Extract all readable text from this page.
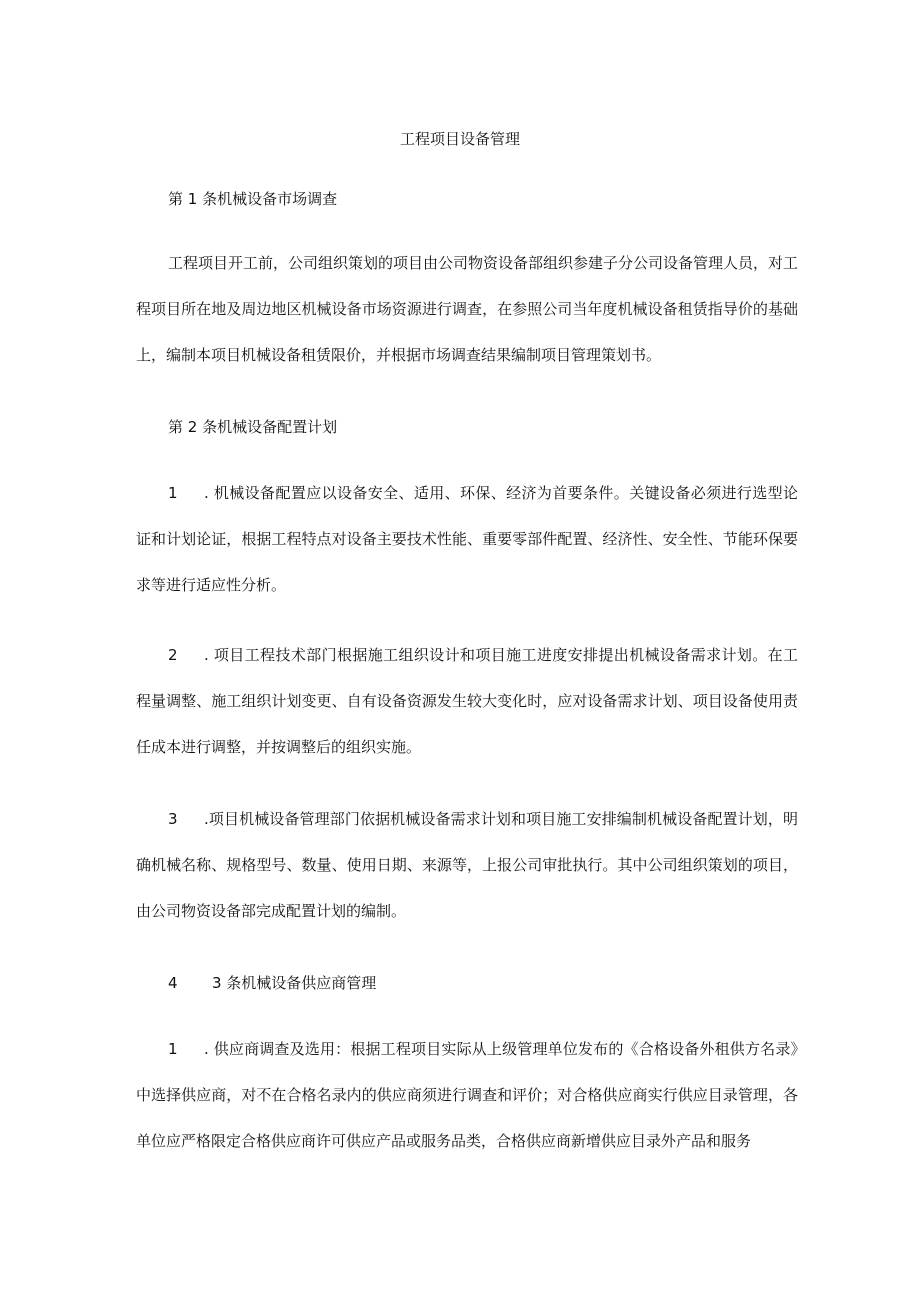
工程项目设备管理
第 1 条机械设备市场调查

工程项目开工前，公司组织策划的项目由公司物资设备部组织参建子分公司设备管理人员，对工程项目所在地及周边地区机械设备市场资源进行调查，在参照公司当年度机械设备租赁指导价的基础上，编制本项目机械设备租赁限价，并根据市场调查结果编制项目管理策划书。

第 2 条机械设备配置计划

1 . 机械设备配置应以设备安全、适用、环保、经济为首要条件。关键设备必须进行选型论证和计划论证，根据工程特点对设备主要技术性能、重要零部件配置、经济性、安全性、节能环保要求等进行适应性分析。

2 . 项目工程技术部门根据施工组织设计和项目施工进度安排提出机械设备需求计划。在工程量调整、施工组织计划变更、自有设备资源发生较大变化时，应对设备需求计划、项目设备使用责任成本进行调整，并按调整后的组织实施。

3 .项目机械设备管理部门依据机械设备需求计划和项目施工安排编制机械设备配置计划，明确机械名称、规格型号、数量、使用日期、来源等，上报公司审批执行。其中公司组织策划的项目，由公司物资设备部完成配置计划的编制。

4 3 条机械设备供应商管理

1 . 供应商调查及选用：根据工程项目实际从上级管理单位发布的《合格设备外租供方名录》中选择供应商，对不在合格名录内的供应商须进行调查和评价；对合格供应商实行供应目录管理，各单位应严格限定合格供应商许可供应产品或服务品类，合格供应商新增供应目录外产品和服务
